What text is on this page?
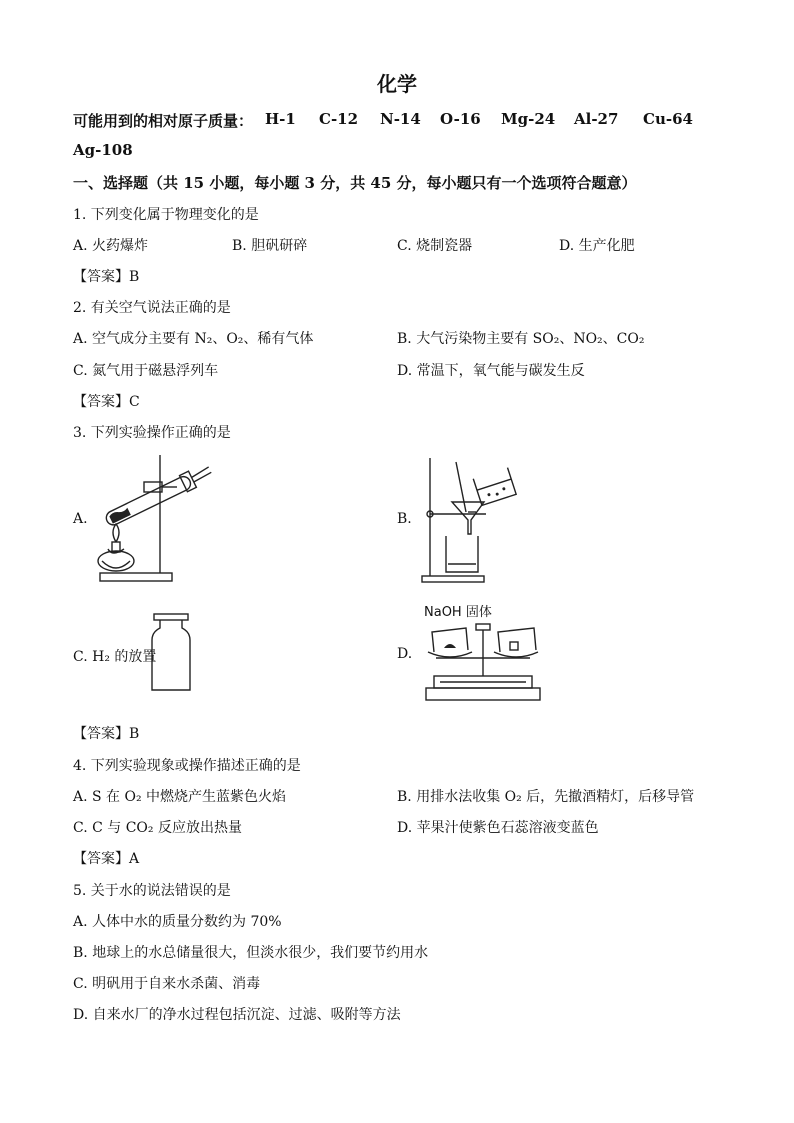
化学
可能用到的相对原子质量： H-1 C-12 N-14 O-16 Mg-24 Al-27 Cu-64
Ag-108
一、选择题（共 15 小题，每小题 3 分，共 45 分，每小题只有一个选项符合题意）
1. 下列变化属于物理变化的是
A. 火药爆炸	B. 胆矾研碎	C. 烧制瓷器	D. 生产化肥
【答案】B
2. 有关空气说法正确的是
A. 空气成分主要有 N₂、O₂、稀有气体	B. 大气污染物主要有 SO₂、NO₂、CO₂
C. 氮气用于磁悬浮列车	D. 常温下，氧气能与碳发生反
【答案】C
3. 下列实验操作正确的是
A.	B.
C. H₂ 的放置	D.
NaOH 固体
【答案】B
4. 下列实验现象或操作描述正确的是
A. S 在 O₂ 中燃烧产生蓝紫色火焰	B. 用排水法收集 O₂ 后，先撤酒精灯，后移导管
C. C 与 CO₂ 反应放出热量	D. 苹果汁使紫色石蕊溶液变蓝色
【答案】A
5. 关于水的说法错误的是
A. 人体中水的质量分数约为 70%
B. 地球上的水总储量很大，但淡水很少，我们要节约用水
C. 明矾用于自来水杀菌、消毒
D. 自来水厂的净水过程包括沉淀、过滤、吸附等方法
